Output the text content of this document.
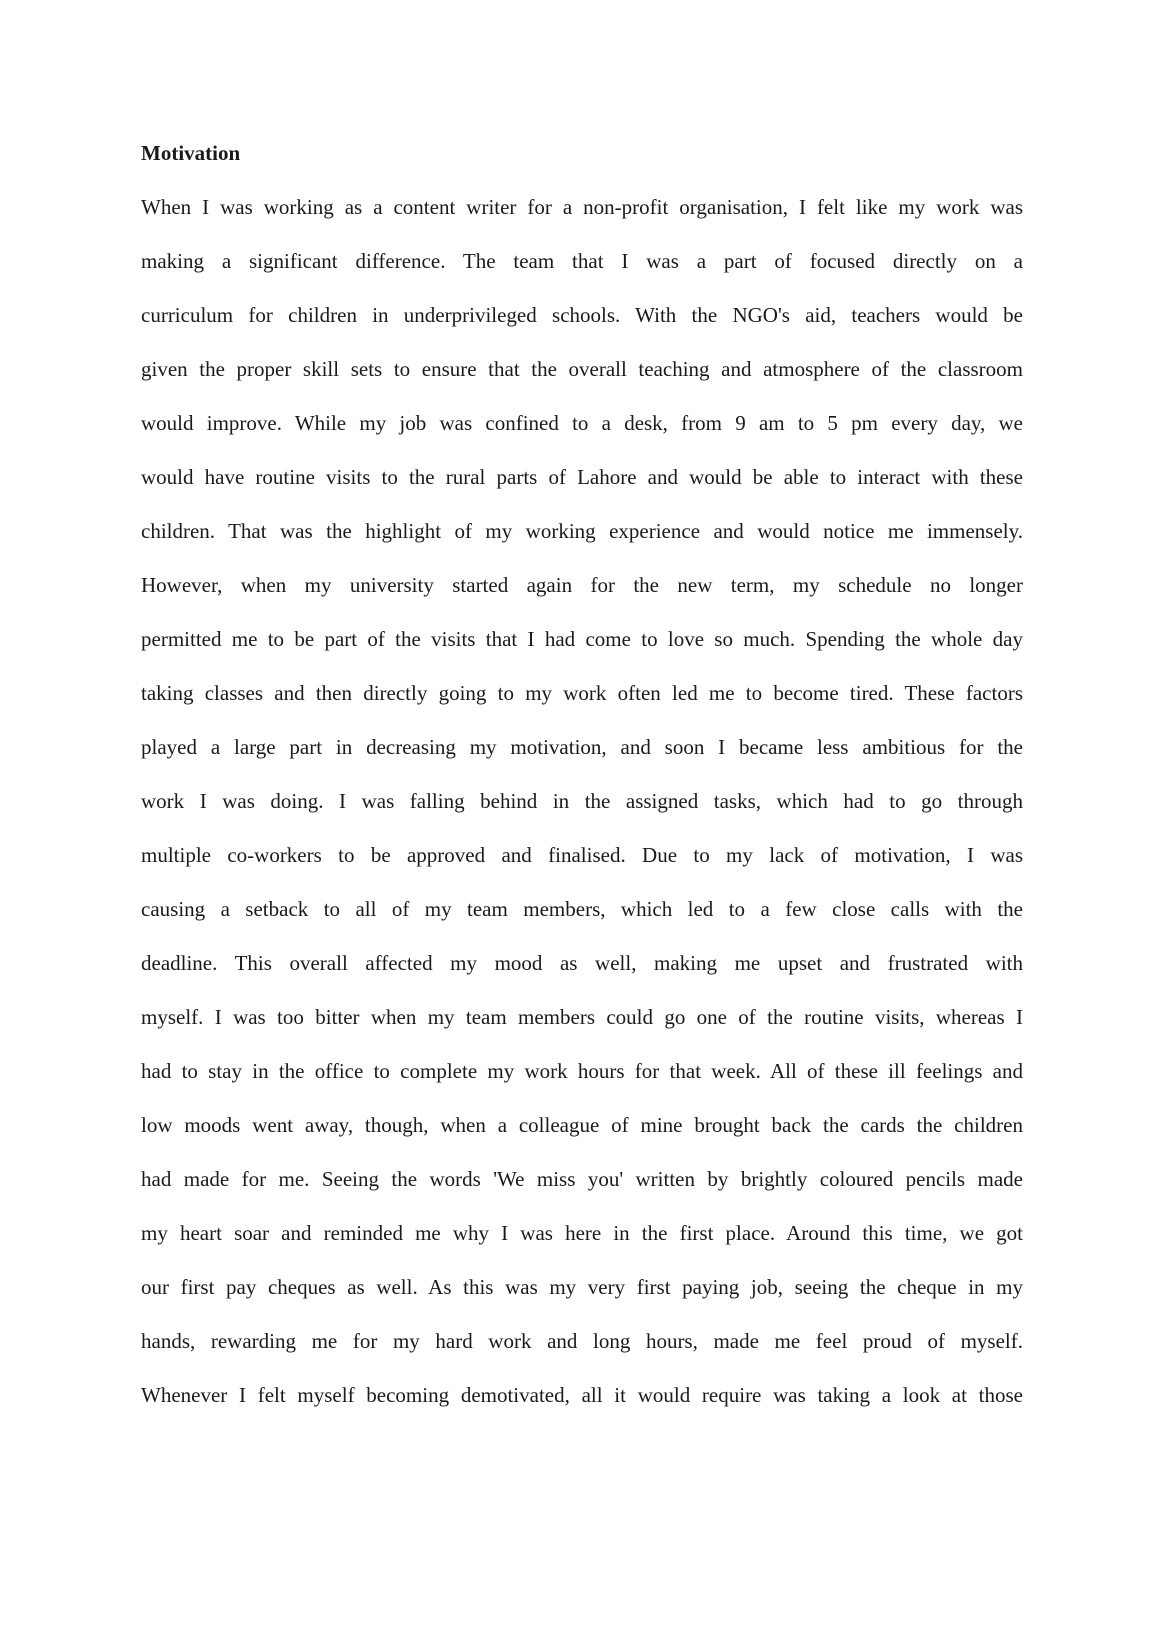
Motivation
When I was working as a content writer for a non-profit organisation, I felt like my work was
making a significant difference. The team that I was a part of focused directly on a
curriculum for children in underprivileged schools. With the NGO's aid, teachers would be
given the proper skill sets to ensure that the overall teaching and atmosphere of the classroom
would improve. While my job was confined to a desk, from 9 am to 5 pm every day, we
would have routine visits to the rural parts of Lahore and would be able to interact with these
children. That was the highlight of my working experience and would notice me immensely.
However, when my university started again for the new term, my schedule no longer
permitted me to be part of the visits that I had come to love so much. Spending the whole day
taking classes and then directly going to my work often led me to become tired. These factors
played a large part in decreasing my motivation, and soon I became less ambitious for the
work I was doing. I was falling behind in the assigned tasks, which had to go through
multiple co-workers to be approved and finalised. Due to my lack of motivation, I was
causing a setback to all of my team members, which led to a few close calls with the
deadline. This overall affected my mood as well, making me upset and frustrated with
myself. I was too bitter when my team members could go one of the routine visits, whereas I
had to stay in the office to complete my work hours for that week. All of these ill feelings and
low moods went away, though, when a colleague of mine brought back the cards the children
had made for me. Seeing the words 'We miss you' written by brightly coloured pencils made
my heart soar and reminded me why I was here in the first place. Around this time, we got
our first pay cheques as well. As this was my very first paying job, seeing the cheque in my
hands, rewarding me for my hard work and long hours, made me feel proud of myself.
Whenever I felt myself becoming demotivated, all it would require was taking a look at those
